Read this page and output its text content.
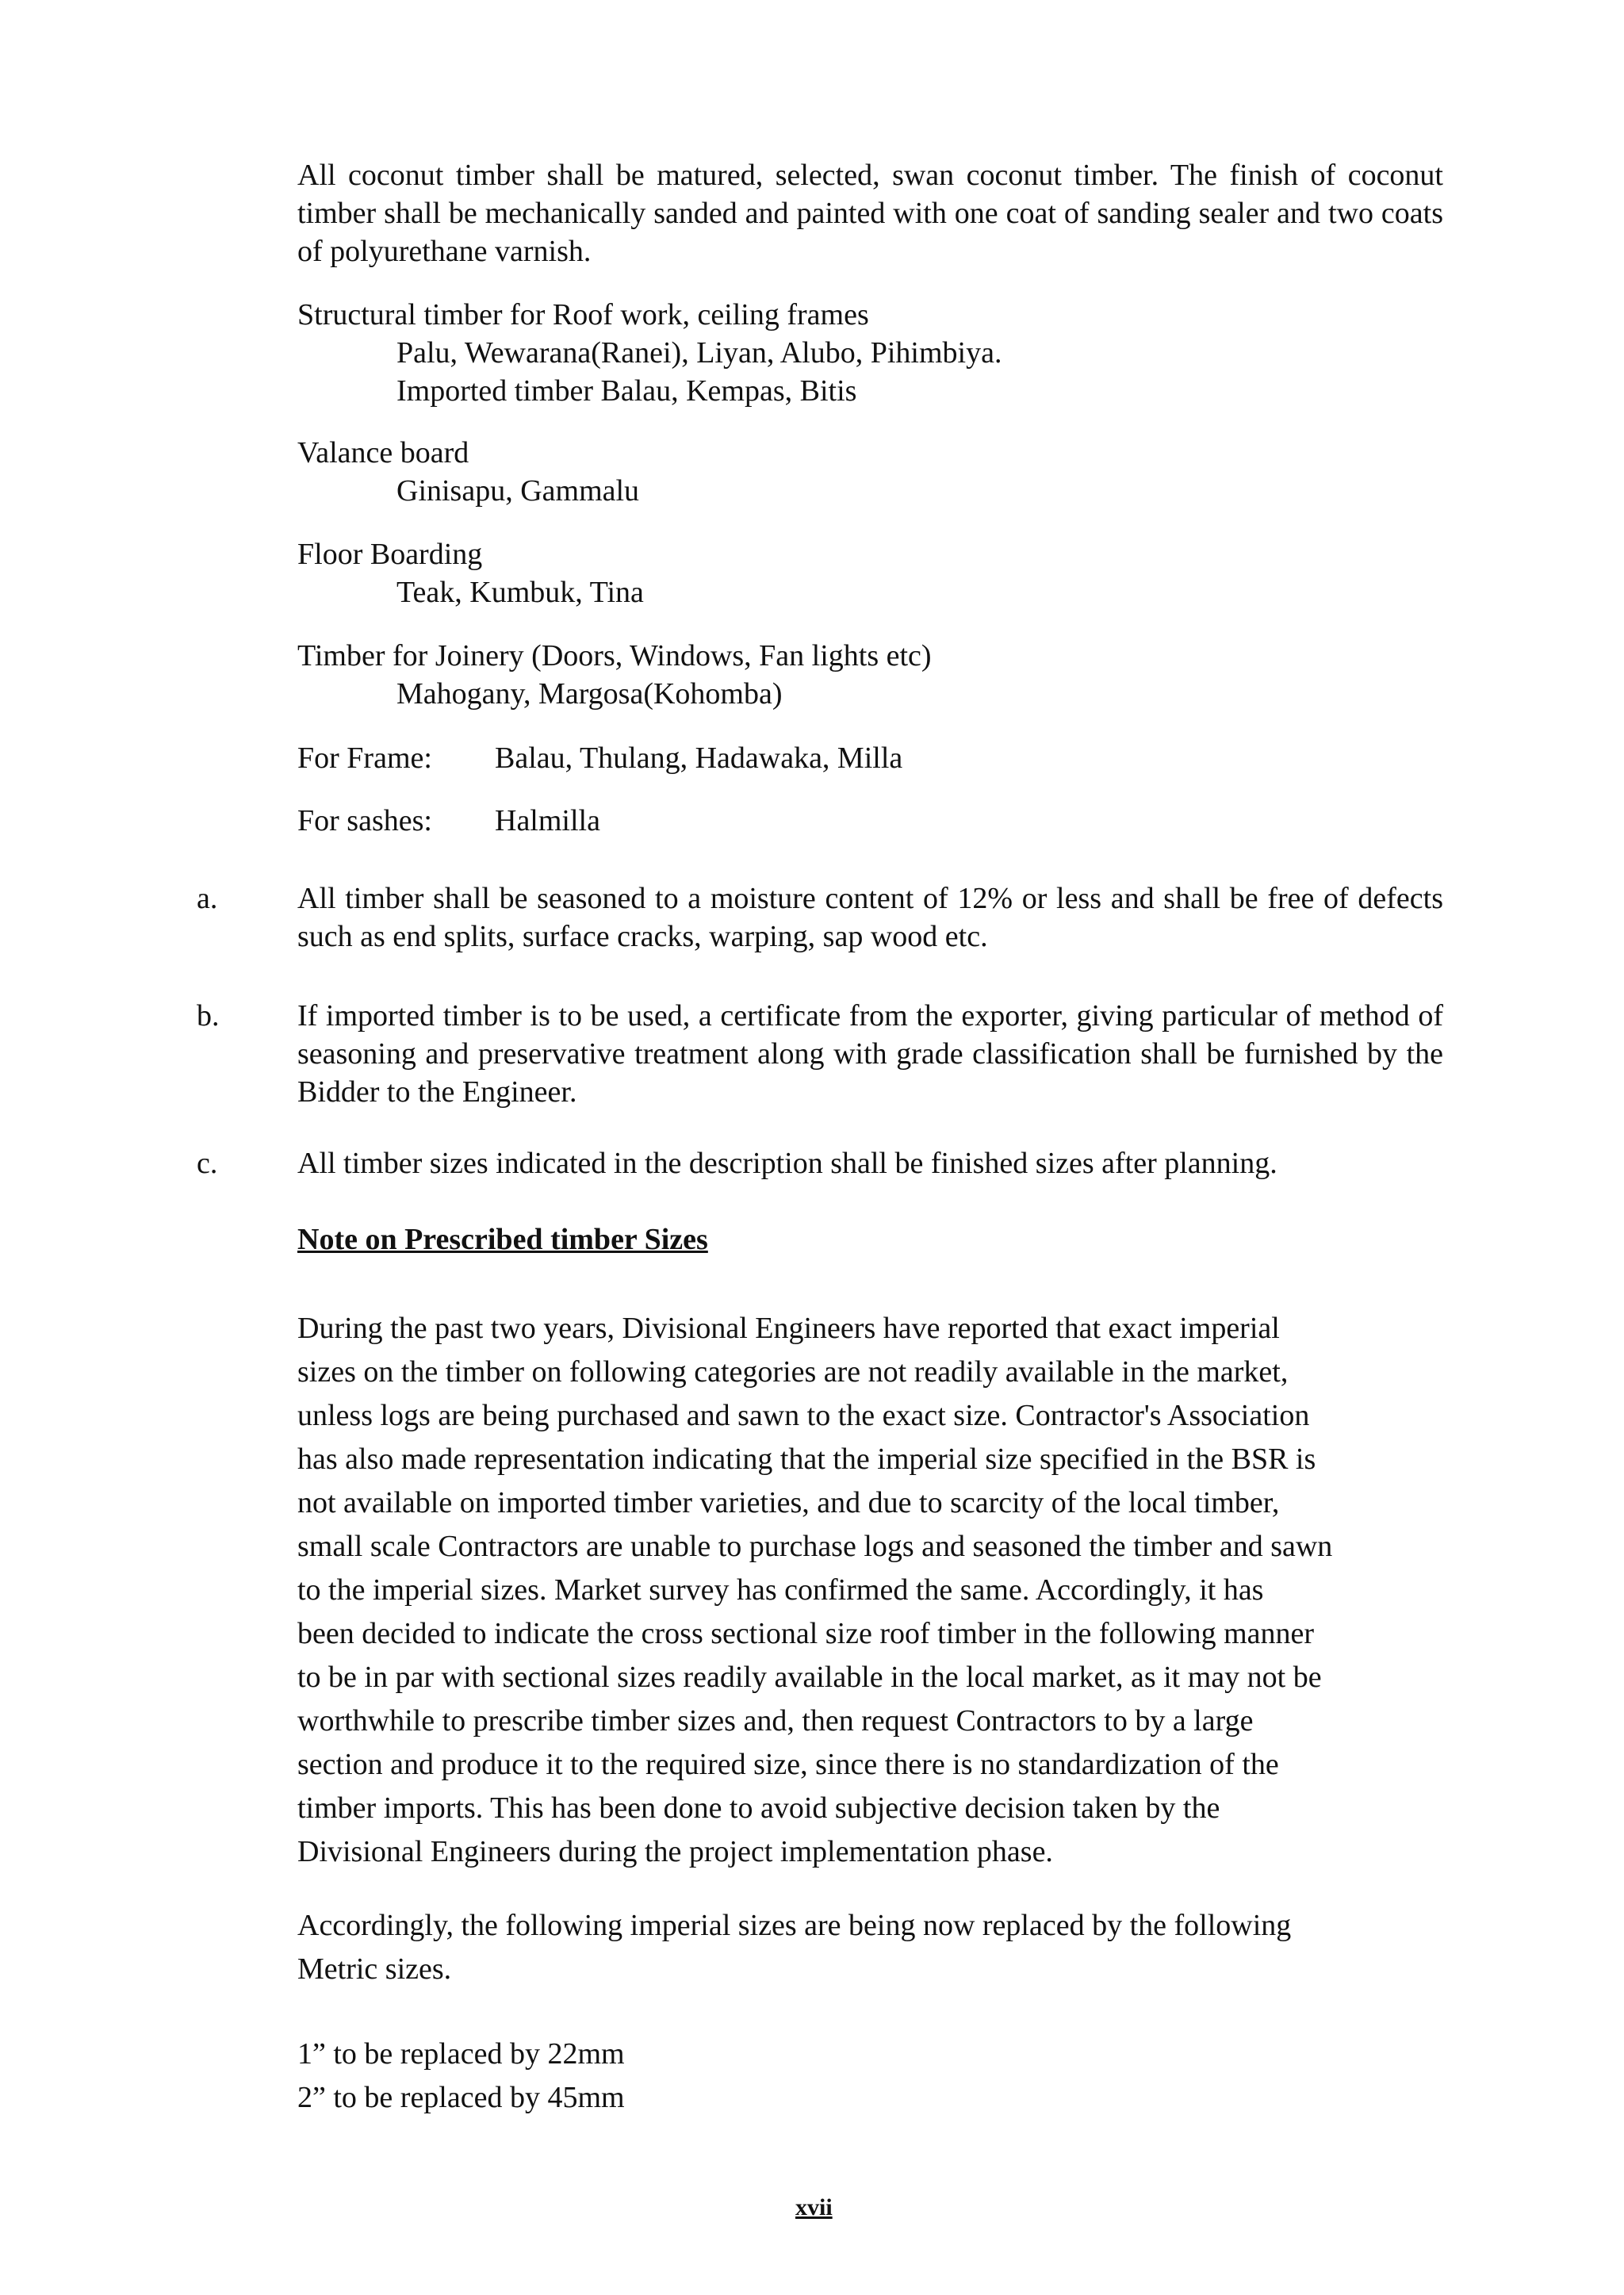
All coconut timber shall be matured, selected, swan coconut timber. The finish of coconut timber shall be mechanically sanded and painted with one coat of sanding sealer and two coats of polyurethane varnish.
Structural timber for Roof work, ceiling frames
Palu, Wewarana(Ranei), Liyan, Alubo, Pihimbiya.
Imported timber Balau, Kempas, Bitis
Valance board
Ginisapu, Gammalu
Floor Boarding
Teak, Kumbuk, Tina
Timber for Joinery (Doors, Windows, Fan lights etc)
Mahogany, Margosa(Kohomba)
For Frame: Balau, Thulang, Hadawaka, Milla
For sashes: Halmilla
a.	All timber shall be seasoned to a moisture content of 12% or less and shall be free of defects such as end splits, surface cracks, warping, sap wood etc.
b.	If imported timber is to be used, a certificate from the exporter, giving particular of method of seasoning and preservative treatment along with grade classification shall be furnished by the Bidder to the Engineer.
c.	All timber sizes indicated in the description shall be finished sizes after planning.
Note on Prescribed timber Sizes
During the past two years, Divisional Engineers have reported that exact imperial
sizes on the timber on following categories are not readily available in the market,
unless logs are being purchased and sawn to the exact size. Contractor's Association
has also made representation indicating that the imperial size specified in the BSR is
not available on imported timber varieties, and due to scarcity of the local timber,
small scale Contractors are unable to purchase logs and seasoned the timber and sawn
to the imperial sizes. Market survey has confirmed the same. Accordingly, it has
been decided to indicate the cross sectional size roof timber in the following manner
to be in par with sectional sizes readily available in the local market, as it may not be
worthwhile to prescribe timber sizes and, then request Contractors to by a large
section and produce it to the required size, since there is no standardization of the
timber imports. This has been done to avoid subjective decision taken by the
Divisional Engineers during the project implementation phase.
Accordingly, the following imperial sizes are being now replaced by the following
Metric sizes.
1” to be replaced by 22mm
2” to be replaced by 45mm
xvii
